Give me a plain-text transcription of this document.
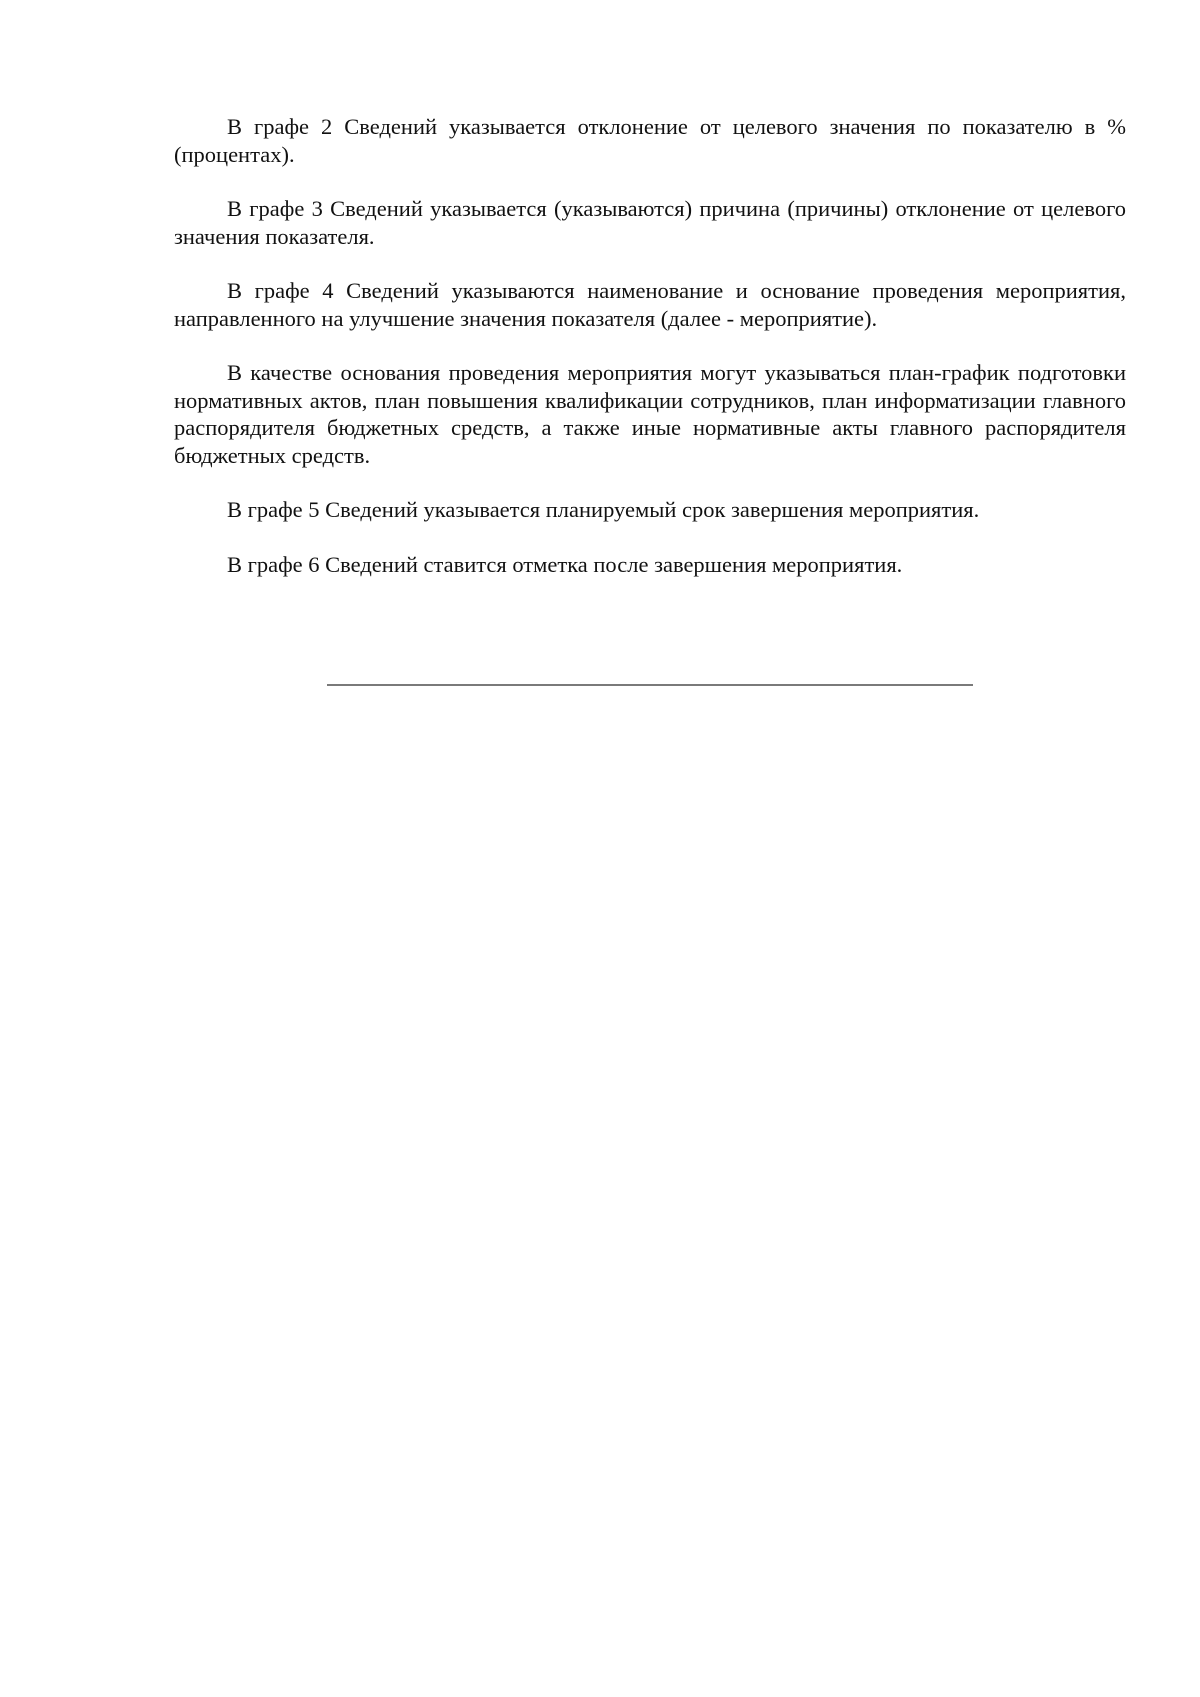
В графе 2 Сведений указывается отклонение от целевого значения по показателю в % (процентах).

В графе 3 Сведений указывается (указываются) причина (причины) отклонение от целевого значения показателя.

В графе 4 Сведений указываются наименование и основание проведения мероприятия, направленного на улучшение значения показателя (далее - мероприятие).

В качестве основания проведения мероприятия могут указываться план-график подготовки нормативных актов, план повышения квалификации сотрудников, план информатизации главного распорядителя бюджетных средств, а также иные нормативные акты главного распорядителя бюджетных средств.

В графе 5 Сведений указывается планируемый срок завершения мероприятия.

В графе 6 Сведений ставится отметка после завершения мероприятия.
